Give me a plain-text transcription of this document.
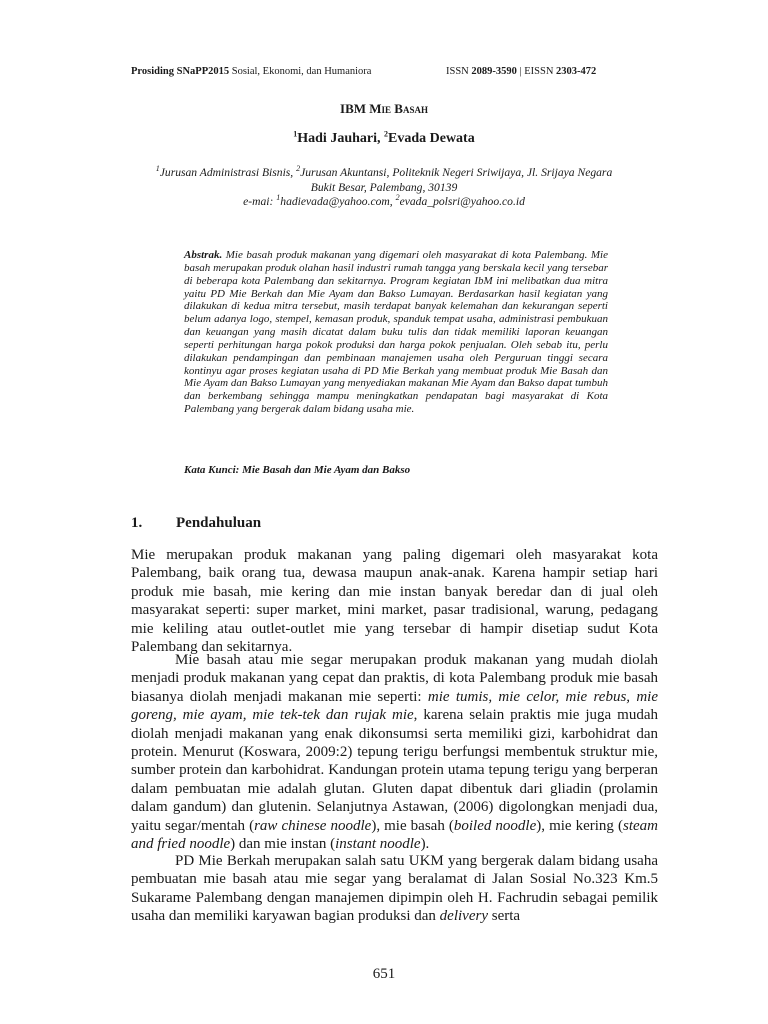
Prosiding SNaPP2015 Sosial, Ekonomi, dan Humaniora	ISSN 2089-3590 | EISSN 2303-472
IBM Mie Basah
$^1$Hadi Jauhari, $^2$Evada Dewata
$^1$Jurusan Administrasi Bisnis, $^2$Jurusan Akuntansi, Politeknik Negeri Sriwijaya, Jl. Srijaya Negara
Bukit Besar, Palembang, 30139
e-mai: $^1$hadievada@yahoo.com, $^2$evada_polsri@yahoo.co.id
Abstrak. Mie basah produk makanan yang digemari oleh masyarakat di kota Palembang. Mie basah merupakan produk olahan hasil industri rumah tangga yang berskala kecil yang tersebar di beberapa kota Palembang dan sekitarnya. Program kegiatan IbM ini melibatkan dua mitra yaitu PD Mie Berkah dan Mie Ayam dan Bakso Lumayan. Berdasarkan hasil kegiatan yang dilakukan di kedua mitra tersebut, masih terdapat banyak kelemahan dan kekurangan seperti belum adanya logo, stempel, kemasan produk, spanduk tempat usaha, administrasi pembukuan dan keuangan yang masih dicatat dalam buku tulis dan tidak memiliki laporan keuangan seperti perhitungan harga pokok produksi dan harga pokok penjualan. Oleh sebab itu, perlu dilakukan pendampingan dan pembinaan manajemen usaha oleh Perguruan tinggi secara kontinyu agar proses kegiatan usaha di PD Mie Berkah yang membuat produk Mie Basah dan Mie Ayam dan Bakso Lumayan yang menyediakan makanan Mie Ayam dan Bakso dapat tumbuh dan berkembang sehingga mampu meningkatkan pendapatan bagi masyarakat di Kota Palembang yang bergerak dalam bidang usaha mie.
Kata Kunci: Mie Basah dan Mie Ayam dan Bakso
1. Pendahuluan
Mie merupakan produk makanan yang paling digemari oleh masyarakat kota Palembang, baik orang tua, dewasa maupun anak-anak. Karena hampir setiap hari produk mie basah, mie kering dan mie instan banyak beredar dan di jual oleh masyarakat seperti: super market, mini market, pasar tradisional, warung, pedagang mie keliling atau outlet-outlet mie yang tersebar di hampir disetiap sudut Kota Palembang dan sekitarnya.
Mie basah atau mie segar merupakan produk makanan yang mudah diolah menjadi produk makanan yang cepat dan praktis, di kota Palembang produk mie basah biasanya diolah menjadi makanan mie seperti: mie tumis, mie celor, mie rebus, mie goreng, mie ayam, mie tek-tek dan rujak mie, karena selain praktis mie juga mudah diolah menjadi makanan yang enak dikonsumsi serta memiliki gizi, karbohidrat dan protein. Menurut (Koswara, 2009:2) tepung terigu berfungsi membentuk struktur mie, sumber protein dan karbohidrat. Kandungan protein utama tepung terigu yang berperan dalam pembuatan mie adalah glutan. Gluten dapat dibentuk dari gliadin (prolamin dalam gandum) dan glutenin. Selanjutnya Astawan, (2006) digolongkan menjadi dua, yaitu segar/mentah (raw chinese noodle), mie basah (boiled noodle), mie kering (steam and fried noodle) dan mie instan (instant noodle).
PD Mie Berkah merupakan salah satu UKM yang bergerak dalam bidang usaha pembuatan mie basah atau mie segar yang beralamat di Jalan Sosial No.323 Km.5 Sukarame Palembang dengan manajemen dipimpin oleh H. Fachrudin sebagai pemilik usaha dan memiliki karyawan bagian produksi dan delivery serta
651
